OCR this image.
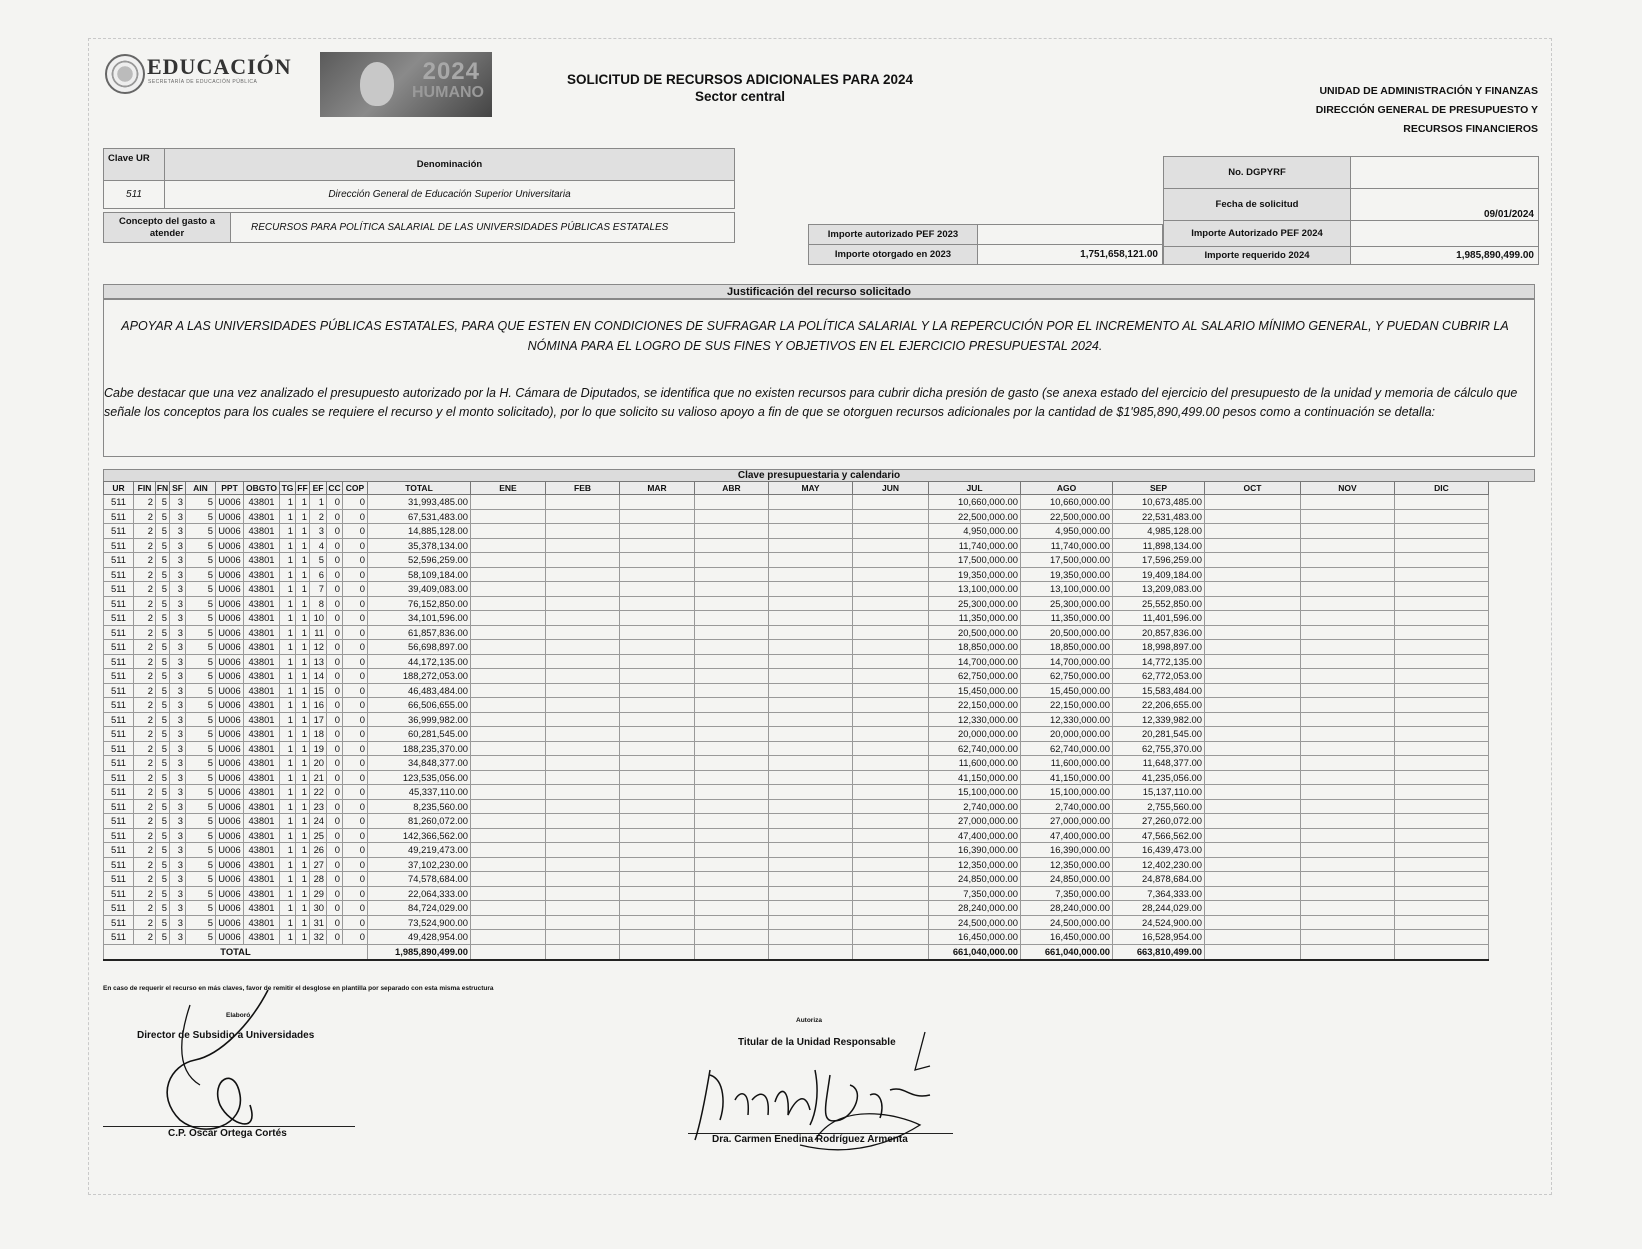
EDUCACIÓN
SECRETARÍA DE EDUCACIÓN PÚBLICA	2024
HUMANO
SOLICITUD DE RECURSOS ADICIONALES PARA 2024
Sector central	UNIDAD DE ADMINISTRACIÓN Y FINANZAS
DIRECCIÓN GENERAL DE PRESUPUESTO Y
RECURSOS FINANCIEROS
Clave UR	Denominación
511	Dirección General de Educación Superior Universitaria
Concepto del gasto a atender	RECURSOS PARA POLÍTICA SALARIAL DE LAS UNIVERSIDADES PÚBLICAS ESTATALES
Importe autorizado PEF 2023	
Importe otorgado en 2023	1,751,658,121.00
No. DGPYRF	
Fecha de solicitud	09/01/2024
Importe Autorizado PEF 2024	
Importe requerido 2024	1,985,890,499.00
Justificación del recurso solicitado
APOYAR A LAS UNIVERSIDADES PÚBLICAS ESTATALES, PARA QUE ESTEN EN CONDICIONES DE SUFRAGAR LA POLÍTICA SALARIAL Y LA REPERCUCIÓN POR EL INCREMENTO AL SALARIO MÍNIMO GENERAL, Y PUEDAN CUBRIR LA NÓMINA PARA EL LOGRO DE SUS FINES Y OBJETIVOS EN EL EJERCICIO PRESUPUESTAL 2024.
Cabe destacar que una vez analizado el presupuesto autorizado por la H. Cámara de Diputados, se identifica que no existen recursos para cubrir dicha presión de gasto (se anexa estado del ejercicio del presupuesto de la unidad y memoria de cálculo que señale los conceptos para los cuales se requiere el recurso y el monto solicitado), por lo que solicito su valioso apoyo a fin de que se otorguen recursos adicionales por la cantidad de $1'985,890,499.00 pesos como a continuación se detalla:
Clave presupuestaria y calendario
UR	FIN	FN	SF	AIN	PPT	OBGTO	TG	FF	EF	CC	COP	TOTAL	ENE	FEB	MAR	ABR	MAY	JUN	JUL	AGO	SEP	OCT	NOV	DIC
511	2	5	3	5	U006	43801	1	1	1	0	0	31,993,485.00							10,660,000.00	10,660,000.00	10,673,485.00			
511	2	5	3	5	U006	43801	1	1	2	0	0	67,531,483.00							22,500,000.00	22,500,000.00	22,531,483.00			
511	2	5	3	5	U006	43801	1	1	3	0	0	14,885,128.00							4,950,000.00	4,950,000.00	4,985,128.00			
511	2	5	3	5	U006	43801	1	1	4	0	0	35,378,134.00							11,740,000.00	11,740,000.00	11,898,134.00			
511	2	5	3	5	U006	43801	1	1	5	0	0	52,596,259.00							17,500,000.00	17,500,000.00	17,596,259.00			
511	2	5	3	5	U006	43801	1	1	6	0	0	58,109,184.00							19,350,000.00	19,350,000.00	19,409,184.00			
511	2	5	3	5	U006	43801	1	1	7	0	0	39,409,083.00							13,100,000.00	13,100,000.00	13,209,083.00			
511	2	5	3	5	U006	43801	1	1	8	0	0	76,152,850.00							25,300,000.00	25,300,000.00	25,552,850.00			
511	2	5	3	5	U006	43801	1	1	10	0	0	34,101,596.00							11,350,000.00	11,350,000.00	11,401,596.00			
511	2	5	3	5	U006	43801	1	1	11	0	0	61,857,836.00							20,500,000.00	20,500,000.00	20,857,836.00			
511	2	5	3	5	U006	43801	1	1	12	0	0	56,698,897.00							18,850,000.00	18,850,000.00	18,998,897.00			
511	2	5	3	5	U006	43801	1	1	13	0	0	44,172,135.00							14,700,000.00	14,700,000.00	14,772,135.00			
511	2	5	3	5	U006	43801	1	1	14	0	0	188,272,053.00							62,750,000.00	62,750,000.00	62,772,053.00			
511	2	5	3	5	U006	43801	1	1	15	0	0	46,483,484.00							15,450,000.00	15,450,000.00	15,583,484.00			
511	2	5	3	5	U006	43801	1	1	16	0	0	66,506,655.00							22,150,000.00	22,150,000.00	22,206,655.00			
511	2	5	3	5	U006	43801	1	1	17	0	0	36,999,982.00							12,330,000.00	12,330,000.00	12,339,982.00			
511	2	5	3	5	U006	43801	1	1	18	0	0	60,281,545.00							20,000,000.00	20,000,000.00	20,281,545.00			
511	2	5	3	5	U006	43801	1	1	19	0	0	188,235,370.00							62,740,000.00	62,740,000.00	62,755,370.00			
511	2	5	3	5	U006	43801	1	1	20	0	0	34,848,377.00							11,600,000.00	11,600,000.00	11,648,377.00			
511	2	5	3	5	U006	43801	1	1	21	0	0	123,535,056.00							41,150,000.00	41,150,000.00	41,235,056.00			
511	2	5	3	5	U006	43801	1	1	22	0	0	45,337,110.00							15,100,000.00	15,100,000.00	15,137,110.00			
511	2	5	3	5	U006	43801	1	1	23	0	0	8,235,560.00							2,740,000.00	2,740,000.00	2,755,560.00			
511	2	5	3	5	U006	43801	1	1	24	0	0	81,260,072.00							27,000,000.00	27,000,000.00	27,260,072.00			
511	2	5	3	5	U006	43801	1	1	25	0	0	142,366,562.00							47,400,000.00	47,400,000.00	47,566,562.00			
511	2	5	3	5	U006	43801	1	1	26	0	0	49,219,473.00							16,390,000.00	16,390,000.00	16,439,473.00			
511	2	5	3	5	U006	43801	1	1	27	0	0	37,102,230.00							12,350,000.00	12,350,000.00	12,402,230.00			
511	2	5	3	5	U006	43801	1	1	28	0	0	74,578,684.00							24,850,000.00	24,850,000.00	24,878,684.00			
511	2	5	3	5	U006	43801	1	1	29	0	0	22,064,333.00							7,350,000.00	7,350,000.00	7,364,333.00			
511	2	5	3	5	U006	43801	1	1	30	0	0	84,724,029.00							28,240,000.00	28,240,000.00	28,244,029.00			
511	2	5	3	5	U006	43801	1	1	31	0	0	73,524,900.00							24,500,000.00	24,500,000.00	24,524,900.00			
511	2	5	3	5	U006	43801	1	1	32	0	0	49,428,954.00							16,450,000.00	16,450,000.00	16,528,954.00			
TOTAL												1,985,890,499.00							661,040,000.00	661,040,000.00	663,810,499.00			
En caso de requerir el recurso en más claves, favor de remitir el desglose en plantilla por separado con esta misma estructura
Elaboró
Director de Subsidio a Universidades
C.P. Oscar Ortega Cortés
Autoriza
Titular de la Unidad Responsable
Dra. Carmen Enedina Rodríguez Armenta
